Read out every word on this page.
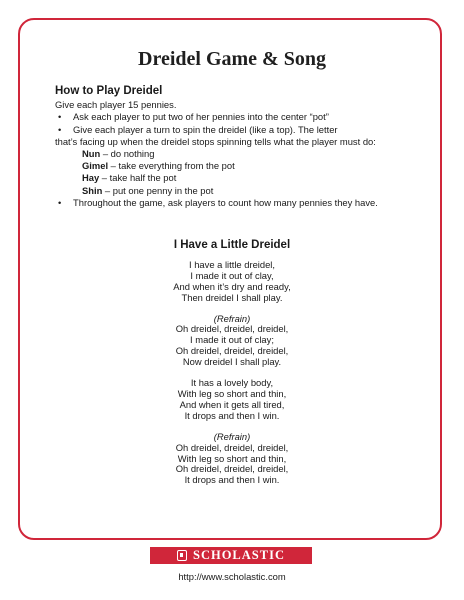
Dreidel Game & Song
How to Play Dreidel

Give each player 15 pennies.

• Ask each player to put two of her pennies into the center “pot”

• Give each player a turn to spin the dreidel (like a top). The letter

that’s facing up when the dreidel stops spinning tells what the player must do:

Nun – do nothing

Gimel – take everything from the pot

Hay – take half the pot

Shin – put one penny in the pot

• Throughout the game, ask players to count how many pennies they have.

I Have a Little Dreidel
I have a little dreidel,
I made it out of clay,
And when it’s dry and ready,
Then dreidel I shall play.
(Refrain)
Oh dreidel, dreidel, dreidel,
I made it out of clay;
Oh dreidel, dreidel, dreidel,
Now dreidel I shall play.
It has a lovely body,
With leg so short and thin,
And when it gets all tired,
It drops and then I win.
(Refrain)
Oh dreidel, dreidel, dreidel,
With leg so short and thin,
Oh dreidel, dreidel, dreidel,
It drops and then I win.
SCHOLASTIC
http://www.scholastic.com
